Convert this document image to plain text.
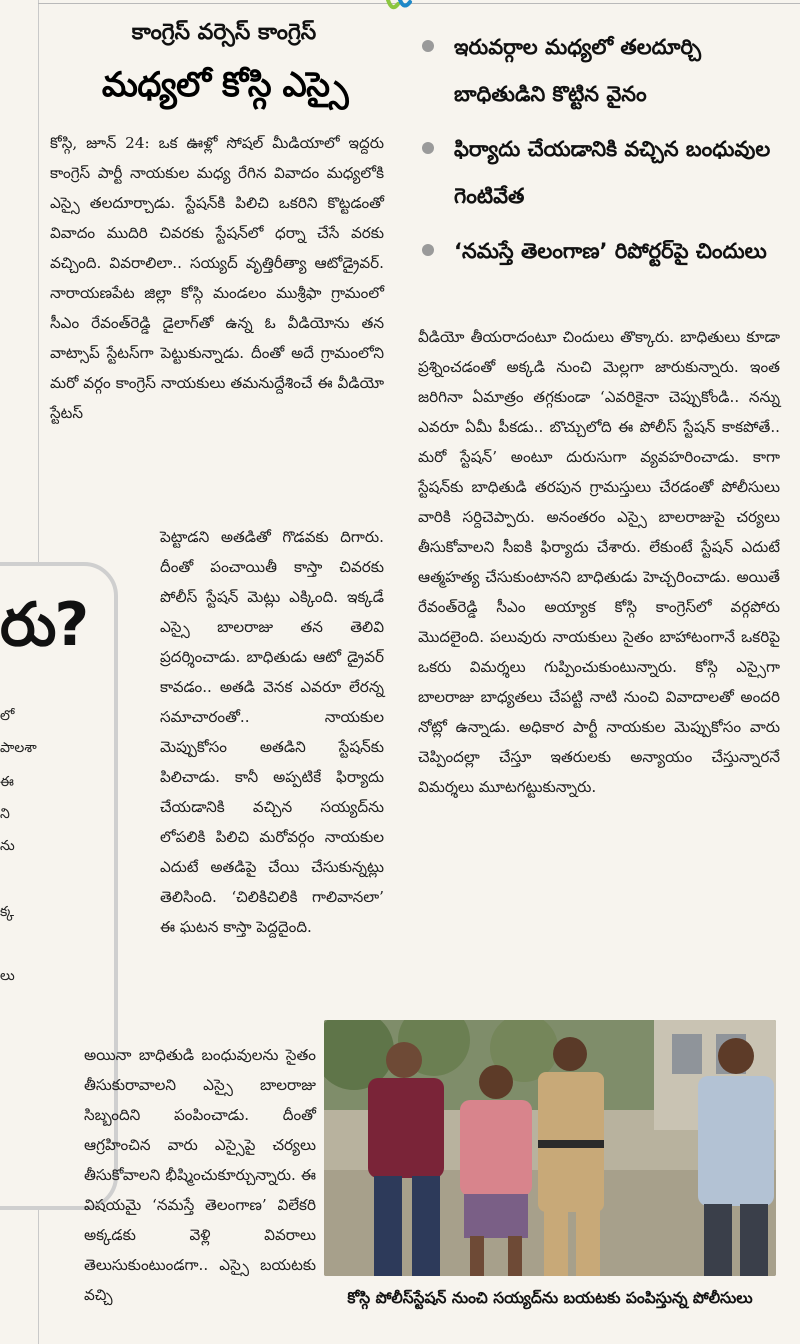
రు?
లో
పాలశా
ఈ
ని
ను
క్క
లు
కాంగ్రెస్ వర్సెస్ కాంగ్రెస్
మధ్యలో కోస్గి ఎస్సై
ఇరువర్గాల మధ్యలో తలదూర్చి బాధితుడిని కొట్టిన వైనం
ఫిర్యాదు చేయడానికి వచ్చిన బంధువుల గెంటివేత
‘నమస్తే తెలంగాణ’ రిపోర్టర్‌పై చిందులు
కోస్గి, జూన్ 24: ఒక ఊళ్లో సోషల్ మీడియాలో ఇద్దరు కాంగ్రెస్ పార్టీ నాయకుల మధ్య రేగిన వివాదం మధ్యలోకి ఎస్సై తలదూర్చాడు. స్టేషన్‌కి పిలిచి ఒకరిని కొట్టడంతో వివాదం ముదిరి చివరకు స్టేషన్‌లో ధర్నా చేసే వరకు వచ్చింది. వివరాలిలా.. సయ్యద్ వృత్తిరీత్యా ఆటోడ్రైవర్. నారాయణపేట జిల్లా కోస్గి మండలం ముశ్రీఫా గ్రామంలో సీఎం రేవంత్‌రెడ్డి డైలాగ్‌తో ఉన్న ఓ వీడియోను తన వాట్సాప్ స్టేటస్‌గా పెట్టుకున్నాడు. దీంతో అదే గ్రామంలోని మరో వర్గం కాంగ్రెస్ నాయకులు తమనుద్దేశించే ఈ వీడియో స్టేటస్
పెట్టాడని అతడితో గొడవకు దిగారు. దీంతో పంచాయితీ కాస్తా చివరకు పోలీస్ స్టేషన్ మెట్లు ఎక్కింది. ఇక్కడే ఎస్సై బాలరాజు తన తెలివి ప్రదర్శించాడు. బాధితుడు ఆటో డ్రైవర్ కావడం.. అతడి వెనక ఎవరూ లేరన్న సమాచారంతో.. నాయకుల మెప్పుకోసం అతడిని స్టేషన్‌కు పిలిచాడు. కానీ అప్పటికే ఫిర్యాదు చేయడానికి వచ్చిన సయ్యద్‌ను లోపలికి పిలిచి మరోవర్గం నాయకుల ఎదుటే అతడిపై చేయి చేసుకున్నట్లు తెలిసింది. ‘చిలికిచిలికి గాలివానలా’ ఈ ఘటన కాస్తా పెద్దదైంది.
అయినా బాధితుడి బంధువులను సైతం తీసుకురావాలని ఎస్సై బాలరాజు సిబ్బందిని పంపించాడు. దీంతో ఆగ్రహించిన వారు ఎస్సైపై చర్యలు తీసుకోవాలని భీష్మించుకూర్చున్నారు. ఈ విషయమై ‘నమస్తే తెలంగాణ’ విలేకరి అక్కడకు వెళ్లి వివరాలు తెలుసుకుంటుండగా.. ఎస్సై బయటకు వచ్చి
వీడియో తీయరాదంటూ చిందులు తొక్కారు. బాధితులు కూడా ప్రశ్నించడంతో అక్కడి నుంచి మెల్లగా జారుకున్నారు. ఇంత జరిగినా ఏమాత్రం తగ్గకుండా ‘ఎవరికైనా చెప్పుకోండి.. నన్ను ఎవరూ ఏమీ పీకడు.. బొచ్చులోది ఈ పోలీస్ స్టేషన్ కాకపోతే.. మరో స్టేషన్’ అంటూ దురుసుగా వ్యవహరించాడు. కాగా స్టేషన్‌కు బాధితుడి తరపున గ్రామస్తులు చేరడంతో పోలీసులు వారికి సర్దిచెప్పారు. అనంతరం ఎస్సై బాలరాజుపై చర్యలు తీసుకోవాలని సీఐకి ఫిర్యాదు చేశారు. లేకుంటే స్టేషన్ ఎదుటే ఆత్మహత్య చేసుకుంటానని బాధితుడు హెచ్చరించాడు. అయితే రేవంత్‌రెడ్డి సీఎం అయ్యాక కోస్గి కాంగ్రెస్‌లో వర్గపోరు మొదలైంది. పలువురు నాయకులు సైతం బాహాటంగానే ఒకరిపై ఒకరు విమర్శలు గుప్పించుకుంటున్నారు. కోస్గి ఎస్సైగా బాలరాజు బాధ్యతలు చేపట్టి నాటి నుంచి వివాదాలతో అందరి నోట్లో ఉన్నాడు. అధికార పార్టీ నాయకుల మెప్పుకోసం వారు చెప్పిందల్లా చేస్తూ ఇతరులకు అన్యాయం చేస్తున్నారనే విమర్శలు మూటగట్టుకున్నారు.
కోస్గి పోలీస్‌స్టేషన్ నుంచి సయ్యద్‌ను బయటకు పంపిస్తున్న పోలీసులు
